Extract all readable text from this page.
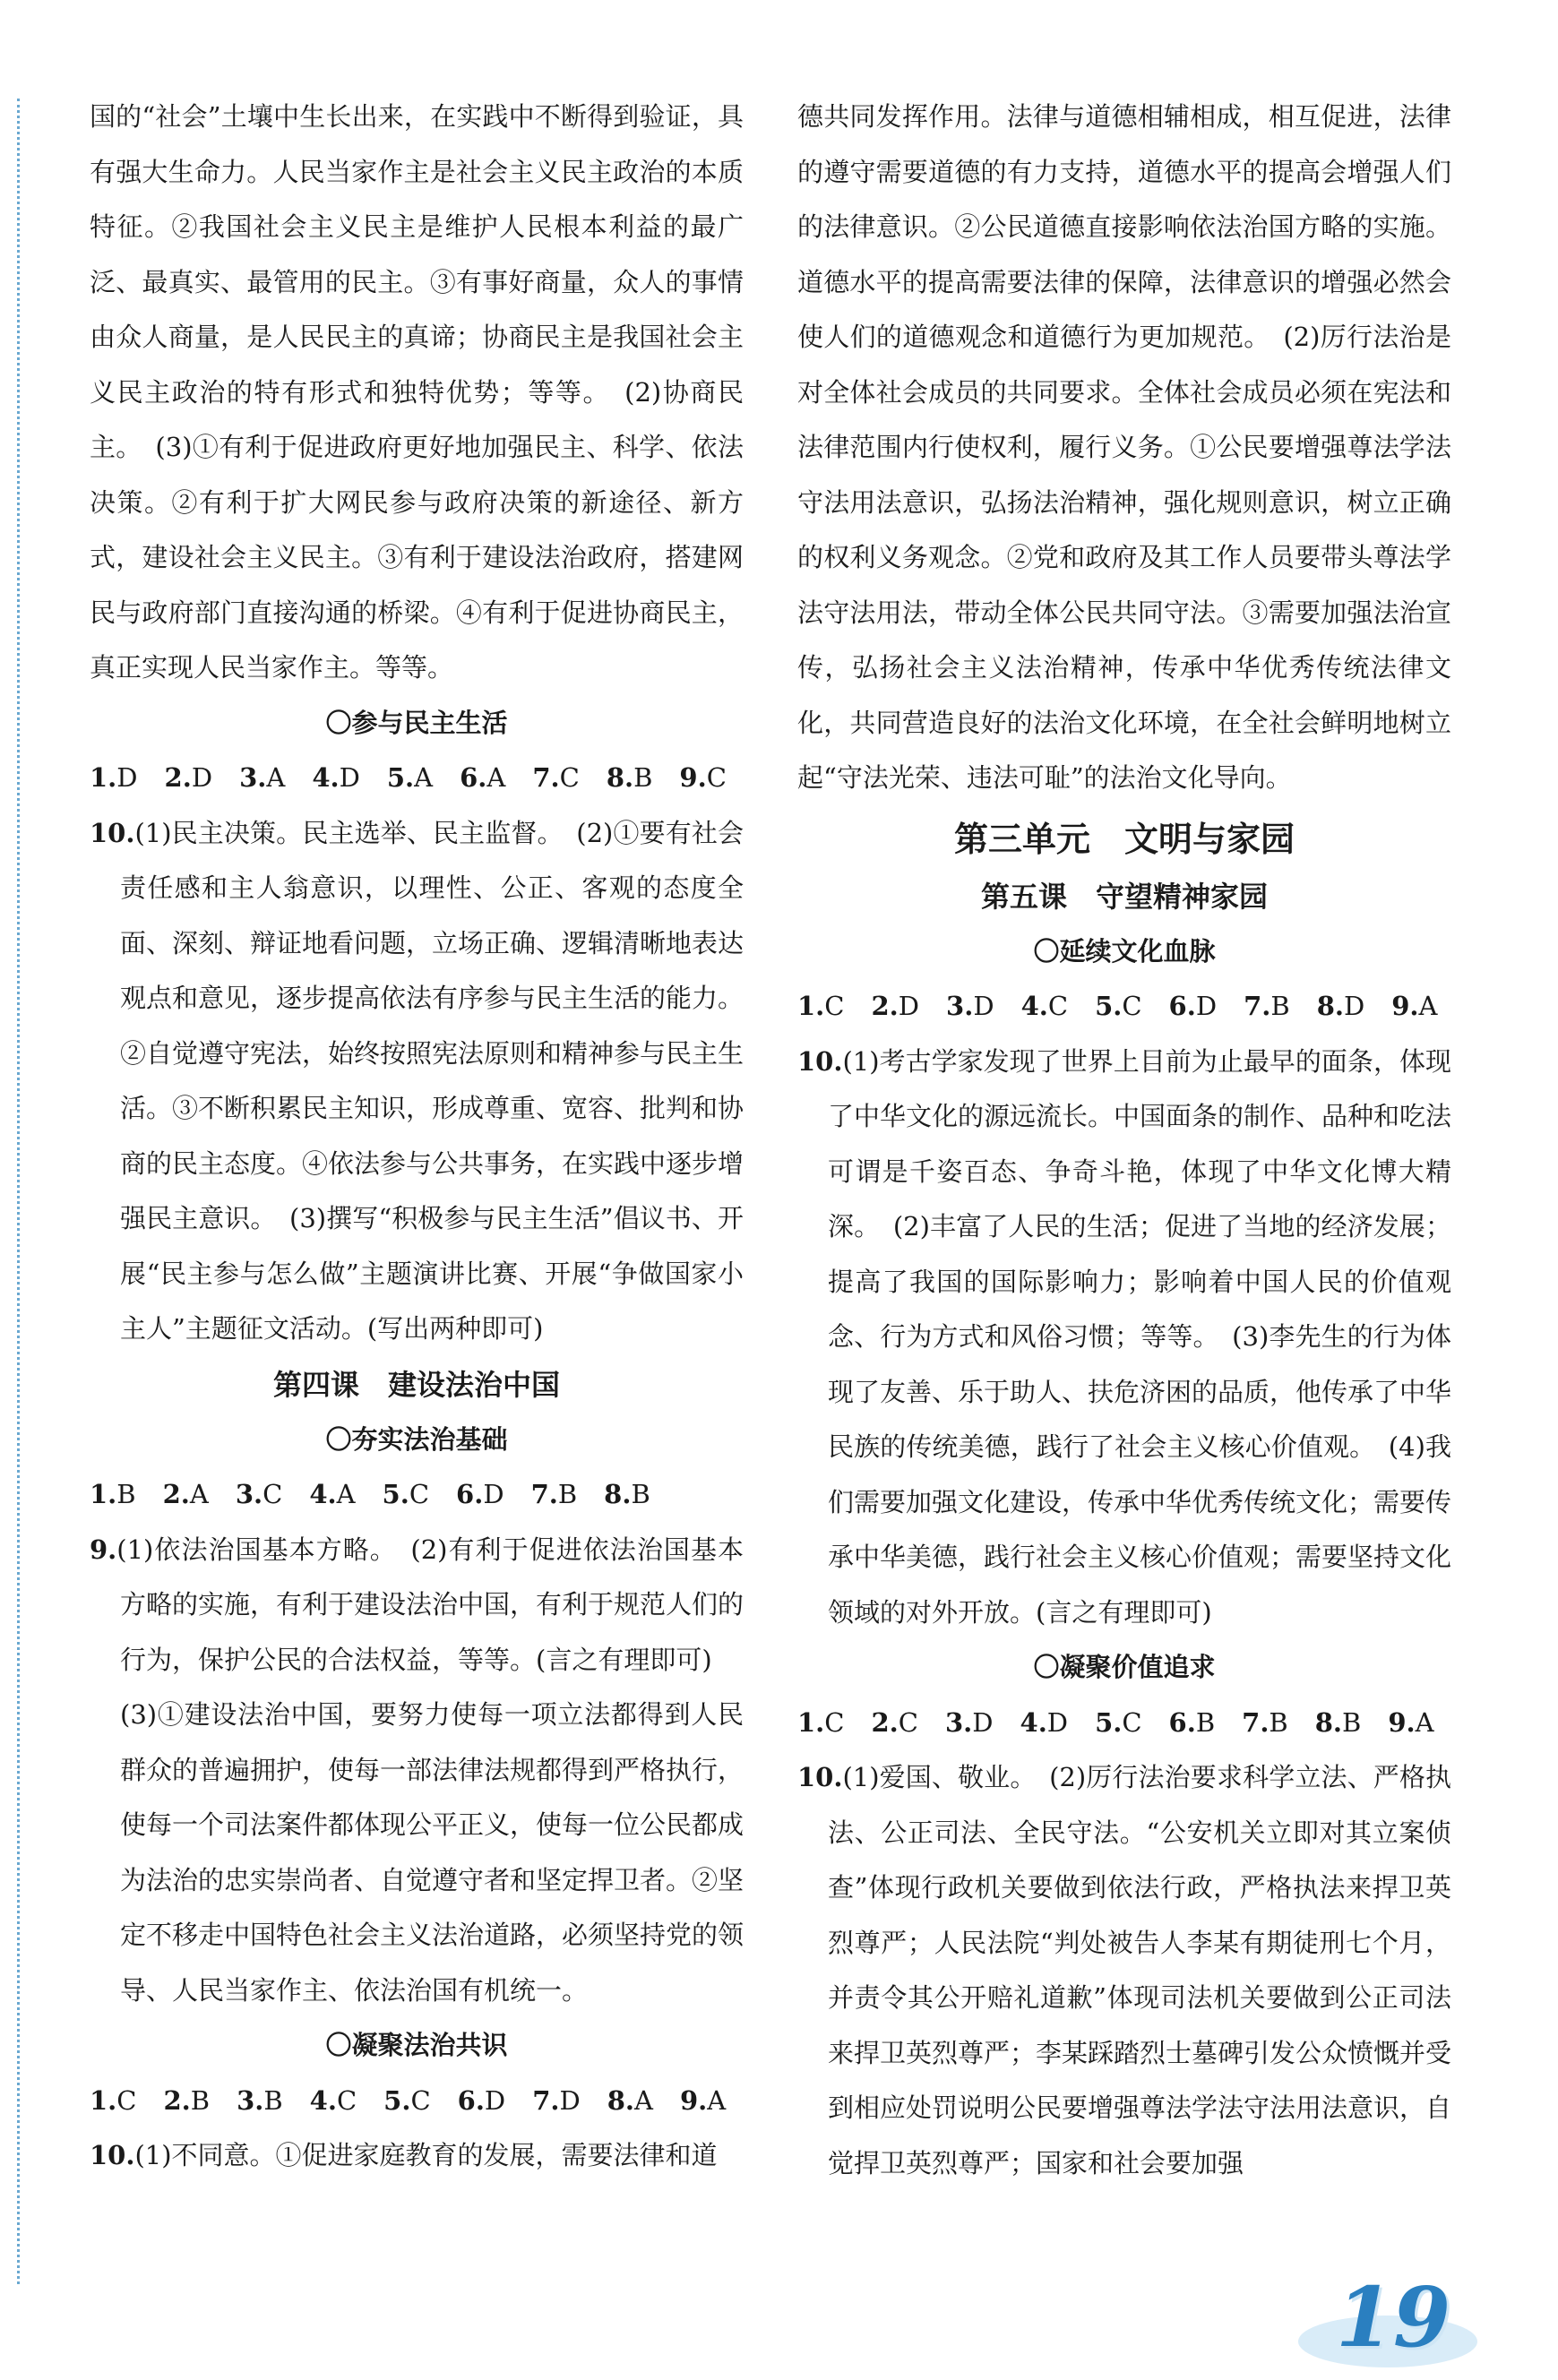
国的“社会”土壤中生长出来，在实践中不断得到验证，具有强大生命力。人民当家作主是社会主义民主政治的本质特征。②我国社会主义民主是维护人民根本利益的最广泛、最真实、最管用的民主。③有事好商量，众人的事情由众人商量，是人民民主的真谛；协商民主是我国社会主义民主政治的特有形式和独特优势；等等。　(2)协商民主。　(3)①有利于促进政府更好地加强民主、科学、依法决策。②有利于扩大网民参与政府决策的新途径、新方式，建设社会主义民主。③有利于建设法治政府，搭建网民与政府部门直接沟通的桥梁。④有利于促进协商民主，真正实现人民当家作主。等等。

〇参与民主生活

1.D 2.D 3.A 4.D 5.A 6.A 7.C 8.B 9.C

10.(1)民主决策。民主选举、民主监督。　(2)①要有社会责任感和主人翁意识，以理性、公正、客观的态度全面、深刻、辩证地看问题，立场正确、逻辑清晰地表达观点和意见，逐步提高依法有序参与民主生活的能力。②自觉遵守宪法，始终按照宪法原则和精神参与民主生活。③不断积累民主知识，形成尊重、宽容、批判和协商的民主态度。④依法参与公共事务，在实践中逐步增强民主意识。　(3)撰写“积极参与民主生活”倡议书、开展“民主参与怎么做”主题演讲比赛、开展“争做国家小主人”主题征文活动。(写出两种即可)

第四课　建设法治中国

〇夯实法治基础

1.B 2.A 3.C 4.A 5.C 6.D 7.B 8.B

9.(1)依法治国基本方略。　(2)有利于促进依法治国基本方略的实施，有利于建设法治中国，有利于规范人们的行为，保护公民的合法权益，等等。(言之有理即可)

(3)①建设法治中国，要努力使每一项立法都得到人民群众的普遍拥护，使每一部法律法规都得到严格执行，使每一个司法案件都体现公平正义，使每一位公民都成为法治的忠实崇尚者、自觉遵守者和坚定捍卫者。②坚定不移走中国特色社会主义法治道路，必须坚持党的领导、人民当家作主、依法治国有机统一。

〇凝聚法治共识

1.C 2.B 3.B 4.C 5.C 6.D 7.D 8.A 9.A

10.(1)不同意。①促进家庭教育的发展，需要法律和道

德共同发挥作用。法律与道德相辅相成，相互促进，法律的遵守需要道德的有力支持，道德水平的提高会增强人们的法律意识。②公民道德直接影响依法治国方略的实施。道德水平的提高需要法律的保障，法律意识的增强必然会使人们的道德观念和道德行为更加规范。　(2)厉行法治是对全体社会成员的共同要求。全体社会成员必须在宪法和法律范围内行使权利，履行义务。①公民要增强尊法学法守法用法意识，弘扬法治精神，强化规则意识，树立正确的权利义务观念。②党和政府及其工作人员要带头尊法学法守法用法，带动全体公民共同守法。③需要加强法治宣传，弘扬社会主义法治精神，传承中华优秀传统法律文化，共同营造良好的法治文化环境，在全社会鲜明地树立起“守法光荣、违法可耻”的法治文化导向。

第三单元　文明与家园

第五课　守望精神家园

〇延续文化血脉

1.C 2.D 3.D 4.C 5.C 6.D 7.B 8.D 9.A

10.(1)考古学家发现了世界上目前为止最早的面条，体现了中华文化的源远流长。中国面条的制作、品种和吃法可谓是千姿百态、争奇斗艳，体现了中华文化博大精深。　(2)丰富了人民的生活；促进了当地的经济发展；提高了我国的国际影响力；影响着中国人民的价值观念、行为方式和风俗习惯；等等。　(3)李先生的行为体现了友善、乐于助人、扶危济困的品质，他传承了中华民族的传统美德，践行了社会主义核心价值观。　(4)我们需要加强文化建设，传承中华优秀传统文化；需要传承中华美德，践行社会主义核心价值观；需要坚持文化领域的对外开放。(言之有理即可)

〇凝聚价值追求

1.C 2.C 3.D 4.D 5.C 6.B 7.B 8.B 9.A

10.(1)爱国、敬业。　(2)厉行法治要求科学立法、严格执法、公正司法、全民守法。“公安机关立即对其立案侦查”体现行政机关要做到依法行政，严格执法来捍卫英烈尊严；人民法院“判处被告人李某有期徒刑七个月，并责令其公开赔礼道歉”体现司法机关要做到公正司法来捍卫英烈尊严；李某踩踏烈士墓碑引发公众愤慨并受到相应处罚说明公民要增强尊法学法守法用法意识，自觉捍卫英烈尊严；国家和社会要加强

19
